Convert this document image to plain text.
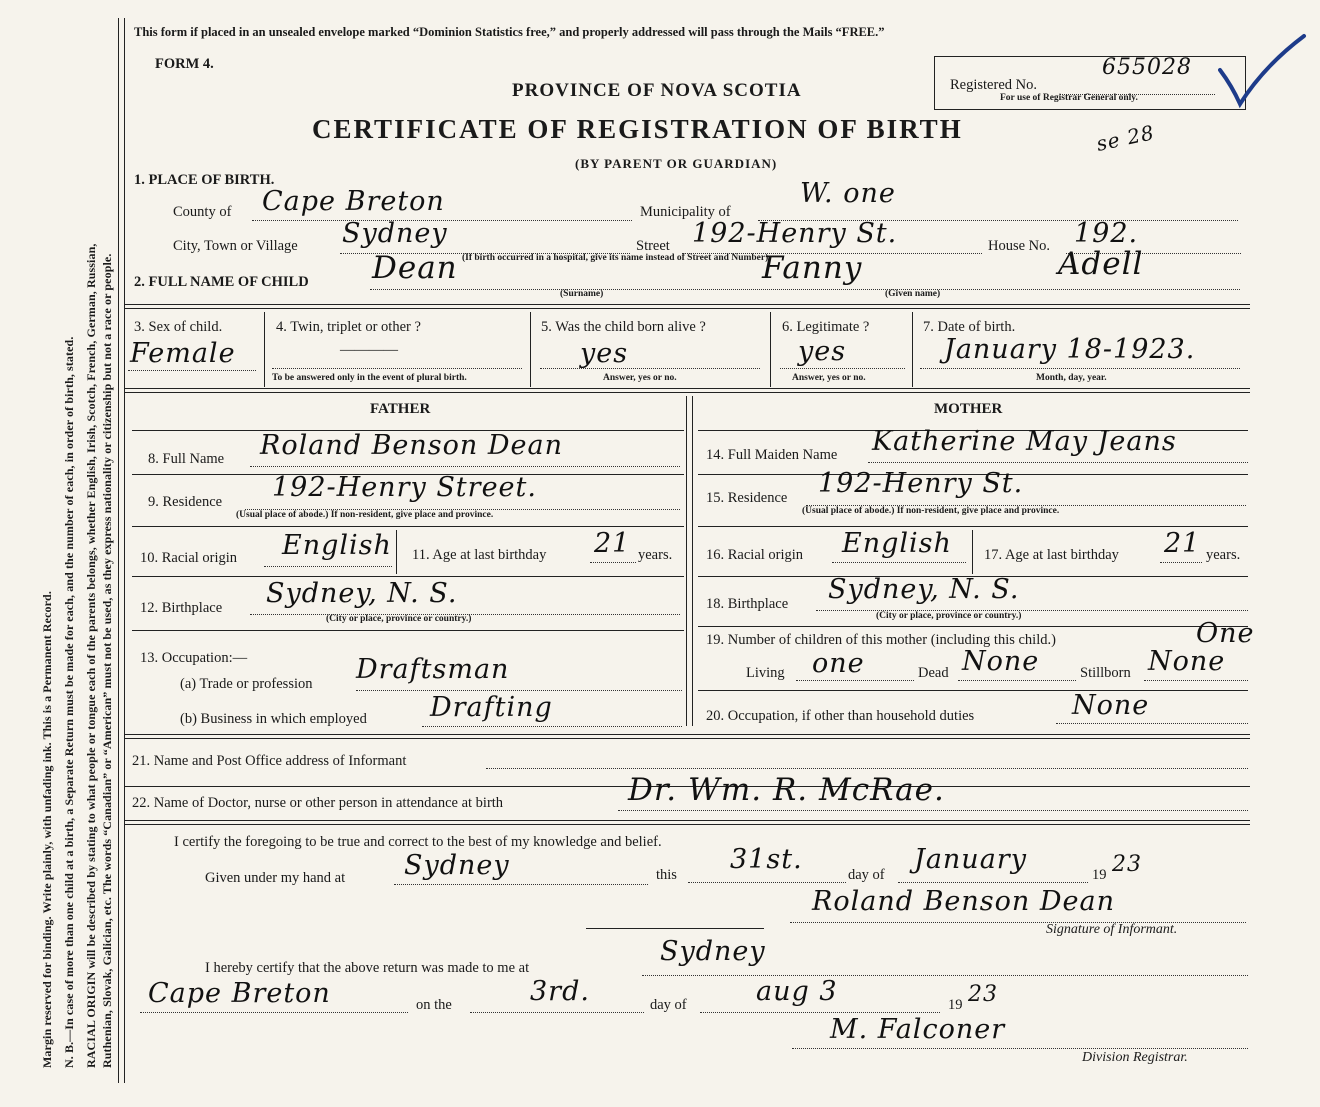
Margin reserved for binding. Write plainly, with unfading ink. This is a Permanent Record. N. B.—In case of more than one child at a birth, a Separate Return must be made for each, and the number of each, in order of birth, stated. RACIAL ORIGIN will be described by stating to what people or tongue each of the parents belongs, whether English, Irish, Scotch, French, German, Russian, Ruthenian, Slovak, Galician, etc. The words “Canadian” or “American” must not be used, as they express nationality or citizenship but not a race or people.
This form if placed in an unsealed envelope marked “Dominion Statistics free,” and properly addressed will pass through the Mails “FREE.”
FORM 4.
PROVINCE OF NOVA SCOTIA
CERTIFICATE OF REGISTRATION OF BIRTH
(BY PARENT OR GUARDIAN)
Registered No.
655028
For use of Registrar General only.
se 28
1. PLACE OF BIRTH.
County of Cape Breton	Municipality of
W. one
City, Town or Village Sydney
(If birth occurred in a hospital, give its name instead of Street and Number)
Street 192-Henry St.	House No. 192.
2. FULL NAME OF CHILD Dean
(Surname)
Fanny	Adell
(Given name)
3. Sex of child.
Female
4. Twin, triplet or other ?
————
To be answered only in the event of plural birth.
5. Was the child born alive ?
yes
Answer, yes or no.
6. Legitimate ?
yes
Answer, yes or no.
7. Date of birth.
January 18-1923.
Month, day, year.
FATHER	MOTHER
8. Full Name Roland Benson Dean
9. Residence 192-Henry Street.
(Usual place of abode.) If non-resident, give place and province.
10. Racial origin English 11. Age at last birthday 21 years.
12. Birthplace Sydney, N. S.
(City or place, province or country.)
13. Occupation:—
(a) Trade or profession Draftsman
(b) Business in which employed Drafting
14. Full Maiden Name Katherine May Jeans
15. Residence 192-Henry St.
(Usual place of abode.) If non-resident, give place and province.
16. Racial origin English 17. Age at last birthday 21 years.
18. Birthplace Sydney, N. S.
(City or place, province or country.)
19. Number of children of this mother (including this child.)	One
Living one	Dead None	Stillborn None
20. Occupation, if other than household duties	None
21. Name and Post Office address of Informant
22. Name of Doctor, nurse or other person in attendance at birth	Dr. Wm. R. McRae.
I certify the foregoing to be true and correct to the best of my knowledge and belief.
Given under my hand at Sydney	this 31st.	day of January	19 23
Roland Benson Dean
Signature of Informant.
I hereby certify that the above return was made to me at
Sydney
Cape Breton	on the	3rd.	day of	aug 3	19 23
M. Falconer
Division Registrar.
